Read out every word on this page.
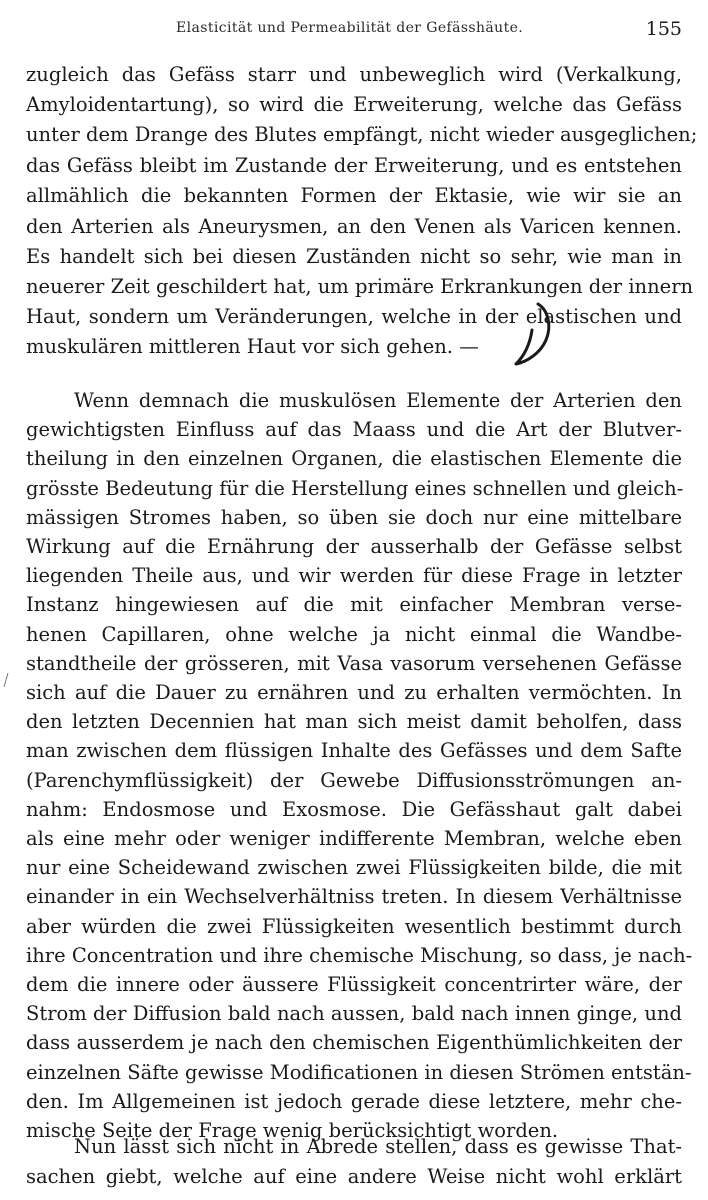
Elasticität und Permeabilität der Gefässhäute.	155
zugleich das Gefäss starr und unbeweglich wird (Verkalkung,
Amyloidentartung), so wird die Erweiterung, welche das Gefäss
unter dem Drange des Blutes empfängt, nicht wieder ausgeglichen;
das Gefäss bleibt im Zustande der Erweiterung, und es entstehen
allmählich die bekannten Formen der Ektasie, wie wir sie an
den Arterien als Aneurysmen, an den Venen als Varicen kennen.
Es handelt sich bei diesen Zuständen nicht so sehr, wie man in
neuerer Zeit geschildert hat, um primäre Erkrankungen der innern
Haut, sondern um Veränderungen, welche in der elastischen und
muskulären mittleren Haut vor sich gehen. —
Wenn demnach die muskulösen Elemente der Arterien den
gewichtigsten Einfluss auf das Maass und die Art der Blutver-
theilung in den einzelnen Organen, die elastischen Elemente die
grösste Bedeutung für die Herstellung eines schnellen und gleich-
mässigen Stromes haben, so üben sie doch nur eine mittelbare
Wirkung auf die Ernährung der ausserhalb der Gefässe selbst
liegenden Theile aus, und wir werden für diese Frage in letzter
Instanz hingewiesen auf die mit einfacher Membran verse-
henen Capillaren, ohne welche ja nicht einmal die Wandbe-
standtheile der grösseren, mit Vasa vasorum versehenen Gefässe
sich auf die Dauer zu ernähren und zu erhalten vermöchten. In
den letzten Decennien hat man sich meist damit beholfen, dass
man zwischen dem flüssigen Inhalte des Gefässes und dem Safte
(Parenchymflüssigkeit) der Gewebe Diffusionsströmungen an-
nahm: Endosmose und Exosmose. Die Gefässhaut galt dabei
als eine mehr oder weniger indifferente Membran, welche eben
nur eine Scheidewand zwischen zwei Flüssigkeiten bilde, die mit
einander in ein Wechselverhältniss treten. In diesem Verhältnisse
aber würden die zwei Flüssigkeiten wesentlich bestimmt durch
ihre Concentration und ihre chemische Mischung, so dass, je nach-
dem die innere oder äussere Flüssigkeit concentrirter wäre, der
Strom der Diffusion bald nach aussen, bald nach innen ginge, und
dass ausserdem je nach den chemischen Eigenthümlichkeiten der
einzelnen Säfte gewisse Modificationen in diesen Strömen entstän-
den. Im Allgemeinen ist jedoch gerade diese letztere, mehr che-
mische Seite der Frage wenig berücksichtigt worden.
Nun lässt sich nicht in Abrede stellen, dass es gewisse That-
sachen giebt, welche auf eine andere Weise nicht wohl erklärt
